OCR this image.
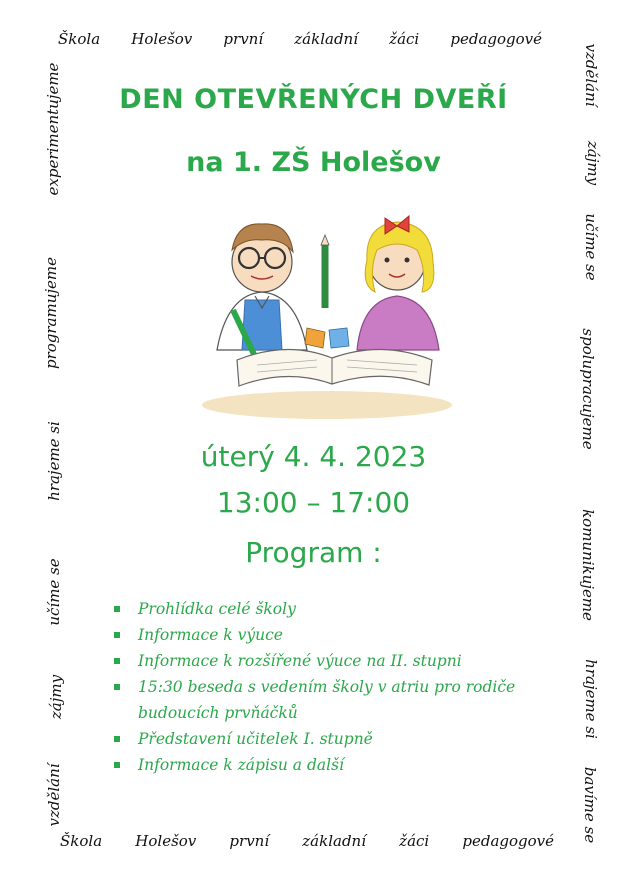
Škola Holešov první základní žáci pedagogové
Škola Holešov první základní žáci pedagogové
experimentujeme
programujeme
hrajeme si
učíme se
zájmy
vzdělání
vzdělání
zájmy
učíme se
spolupracujeme
komunikujeme
hrajeme si
bavíme se
DEN OTEVŘENÝCH DVEŘÍ
na 1. ZŠ Holešov
úterý 4. 4. 2023
13:00 – 17:00
Program :
Prohlídka celé školy
Informace k výuce
Informace k rozšířené výuce na II. stupni
15:30 beseda s vedením školy v atriu pro rodiče budoucích prvňáčků
Představení učitelek I. stupně
Informace k zápisu a další
